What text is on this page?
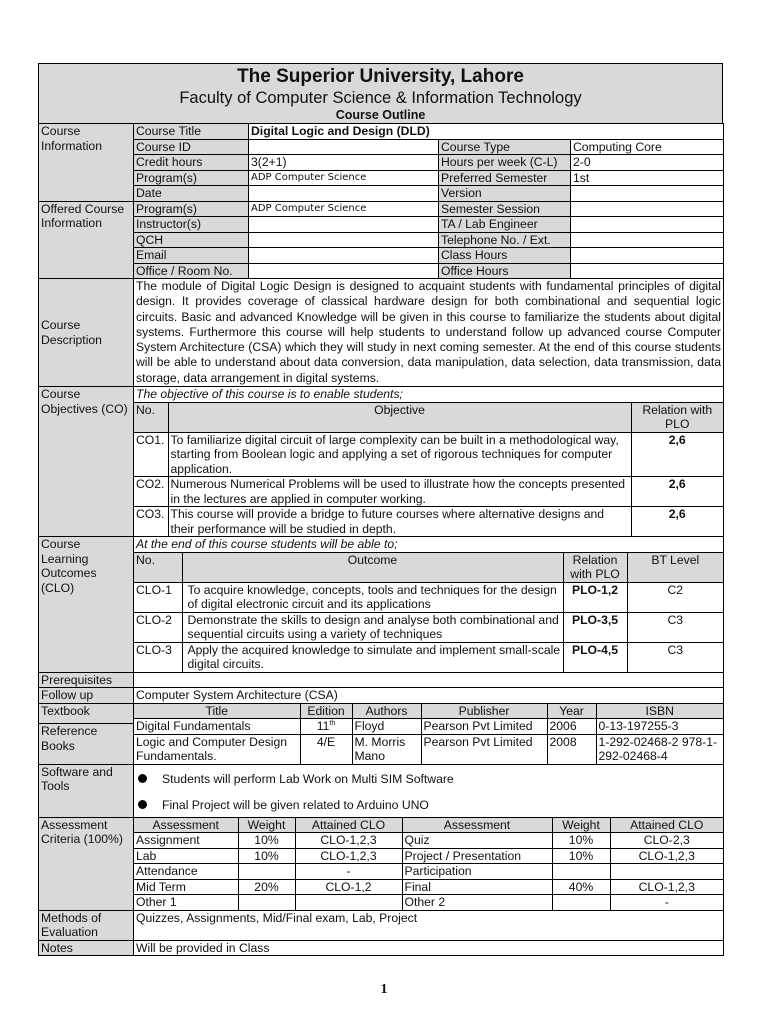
The Superior University, Lahore
Faculty of Computer Science & Information Technology
Course Outline
Course Information	Course Title	Digital Logic and Design (DLD)
Course ID		Course Type	Computing Core
Credit hours	3(2+1)	Hours per week (C-L)	2-0
Program(s)	ADP Computer Science	Preferred Semester	1st
Date		Version	
Offered Course Information	Program(s)	ADP Computer Science	Semester Session	
Instructor(s)		TA / Lab Engineer	
QCH		Telephone No. / Ext.	
Email		Class Hours	
Office / Room No.		Office Hours	
Course Description	The module of Digital Logic Design is designed to acquaint students with fundamental principles of digital design. It provides coverage of classical hardware design for both combinational and sequential logic circuits. Basic and advanced Knowledge will be given in this course to familiarize the students about digital systems. Furthermore this course will help students to understand follow up advanced course Computer System Architecture (CSA) which they will study in next coming semester. At the end of this course students will be able to understand about data conversion, data manipulation, data selection, data transmission, data storage, data arrangement in digital systems.
Course Objectives (CO)	
The objective of this course is to enable students;
No.	Objective	Relation with PLO
CO1.	To familiarize digital circuit of large complexity can be built in a methodological way, starting from Boolean logic and applying a set of rigorous techniques for computer application.	2,6
CO2.	Numerous Numerical Problems will be used to illustrate how the concepts presented in the lectures are applied in computer working.	2,6
CO3.	This course will provide a bridge to future courses where alternative designs and their performance will be studied in depth.	2,6

Course Learning Outcomes (CLO)	
At the end of this course students will be able to;
No.	Outcome	Relation with PLO	BT Level
CLO-1	To acquire knowledge, concepts, tools and techniques for the design of digital electronic circuit and its applications	PLO-1,2	C2
CLO-2	Demonstrate the skills to design and analyse both combinational and sequential circuits using a variety of techniques	PLO-3,5	C3
CLO-3	Apply the acquired knowledge to simulate and implement small-scale digital circuits.	PLO-4,5	C3

Prerequisites	
Follow up	Computer System Architecture (CSA)
Textbook		Title	Edition	Authors	Publisher	Year	ISBN
Digital Fundamentals	11th	Floyd	Pearson Pvt Limited	2006	0-13-197255-3
Logic and Computer Design Fundamentals.	4/E	M. Morris Mano	Pearson Pvt Limited	2008	1-292-02468-2 978-1-292-02468-4

Reference Books
Software and Tools	
Students will perform Lab Work on Multi SIM Software
Final Project will be given related to Arduino UNO

Assessment Criteria (100%)	
Assessment	Weight	Attained CLO	Assessment	Weight	Attained CLO
Assignment	10%	CLO-1,2,3	Quiz	10%	CLO-2,3
Lab	10%	CLO-1,2,3	Project / Presentation	10%	CLO-1,2,3
Attendance		-	Participation		
Mid Term	20%	CLO-1,2	Final	40%	CLO-1,2,3
Other 1			Other 2		-

Methods of Evaluation	Quizzes, Assignments, Mid/Final exam, Lab, Project
Notes	Will be provided in Class
1
